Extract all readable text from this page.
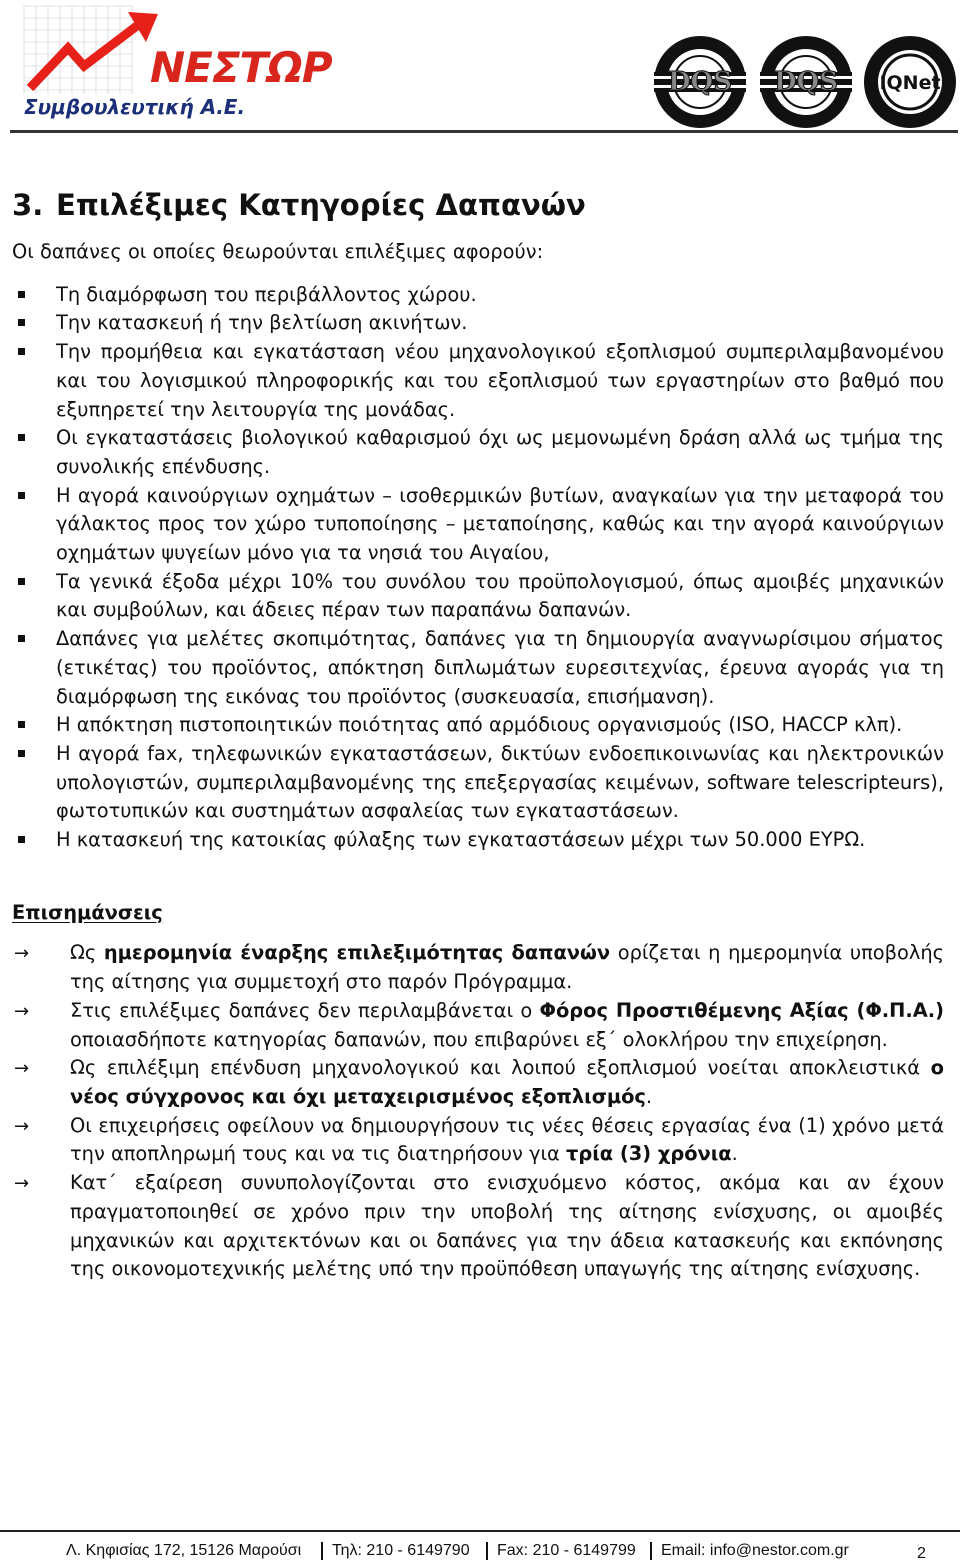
ΝΕΣΤΩΡ
Συμβουλευτική Α.Ε.
DQS DQS IQNet
3. Επιλέξιμες Κατηγορίες Δαπανών

Οι δαπάνες οι οποίες θεωρούνται επιλέξιμες αφορούν:

Τη διαμόρφωση του περιβάλλοντος χώρου.
Την κατασκευή ή την βελτίωση ακινήτων.
Την προμήθεια και εγκατάσταση νέου μηχανολογικού εξοπλισμού συμπεριλαμβανομένου και του λογισμικού πληροφορικής και του εξοπλισμού των εργαστηρίων στο βαθμό που εξυπηρετεί την λειτουργία της μονάδας.
Οι εγκαταστάσεις βιολογικού καθαρισμού όχι ως μεμονωμένη δράση αλλά ως τμήμα της συνολικής επένδυσης.
Η αγορά καινούργιων οχημάτων – ισοθερμικών βυτίων, αναγκαίων για την μεταφορά του γάλακτος προς τον χώρο τυποποίησης – μεταποίησης, καθώς και την αγορά καινούργιων οχημάτων ψυγείων μόνο για τα νησιά του Αιγαίου,
Τα γενικά έξοδα μέχρι 10% του συνόλου του προϋπολογισμού, όπως αμοιβές μηχανικών και συμβούλων, και άδειες πέραν των παραπάνω δαπανών.
Δαπάνες για μελέτες σκοπιμότητας, δαπάνες για τη δημιουργία αναγνωρίσιμου σήματος (ετικέτας) του προϊόντος, απόκτηση διπλωμάτων ευρεσιτεχνίας, έρευνα αγοράς για τη διαμόρφωση της εικόνας του προϊόντος (συσκευασία, επισήμανση).
Η απόκτηση πιστοποιητικών ποιότητας από αρμόδιους οργανισμούς (ISO, HACCP κλπ).
Η αγορά fax, τηλεφωνικών εγκαταστάσεων, δικτύων ενδοεπικοινωνίας και ηλεκτρονικών υπολογιστών, συμπεριλαμβανομένης της επεξεργασίας κειμένων, software telescripteurs), φωτοτυπικών και συστημάτων ασφαλείας των εγκαταστάσεων.
Η κατασκευή της κατοικίας φύλαξης των εγκαταστάσεων μέχρι των 50.000 ΕΥΡΩ.
Επισημάνσεις
→ Ως ημερομηνία έναρξης επιλεξιμότητας δαπανών ορίζεται η ημερομηνία υποβολής της αίτησης για συμμετοχή στο παρόν Πρόγραμμα.
→ Στις επιλέξιμες δαπάνες δεν περιλαμβάνεται ο Φόρος Προστιθέμενης Αξίας (Φ.Π.Α.) οποιασδήποτε κατηγορίας δαπανών, που επιβαρύνει εξ΄ ολοκλήρου την επιχείρηση.
→ Ως επιλέξιμη επένδυση μηχανολογικού και λοιπού εξοπλισμού νοείται αποκλειστικά ο νέος σύγχρονος και όχι μεταχειρισμένος εξοπλισμός.
→ Οι επιχειρήσεις οφείλουν να δημιουργήσουν τις νέες θέσεις εργασίας ένα (1) χρόνο μετά την αποπληρωμή τους και να τις διατηρήσουν για τρία (3) χρόνια.
→ Κατ΄ εξαίρεση συνυπολογίζονται στο ενισχυόμενο κόστος, ακόμα και αν έχουν πραγματοποιηθεί σε χρόνο πριν την υποβολή της αίτησης ενίσχυσης, οι αμοιβές μηχανικών και αρχιτεκτόνων και οι δαπάνες για την άδεια κατασκευής και εκπόνησης της οικονομοτεχνικής μελέτης υπό την προϋπόθεση υπαγωγής της αίτησης ενίσχυσης.
Λ. Κηφισίας 172, 15126 Μαρούσι Τηλ: 210 - 6149790 Fax: 210 - 6149799 Email: info@nestor.com.gr	2
